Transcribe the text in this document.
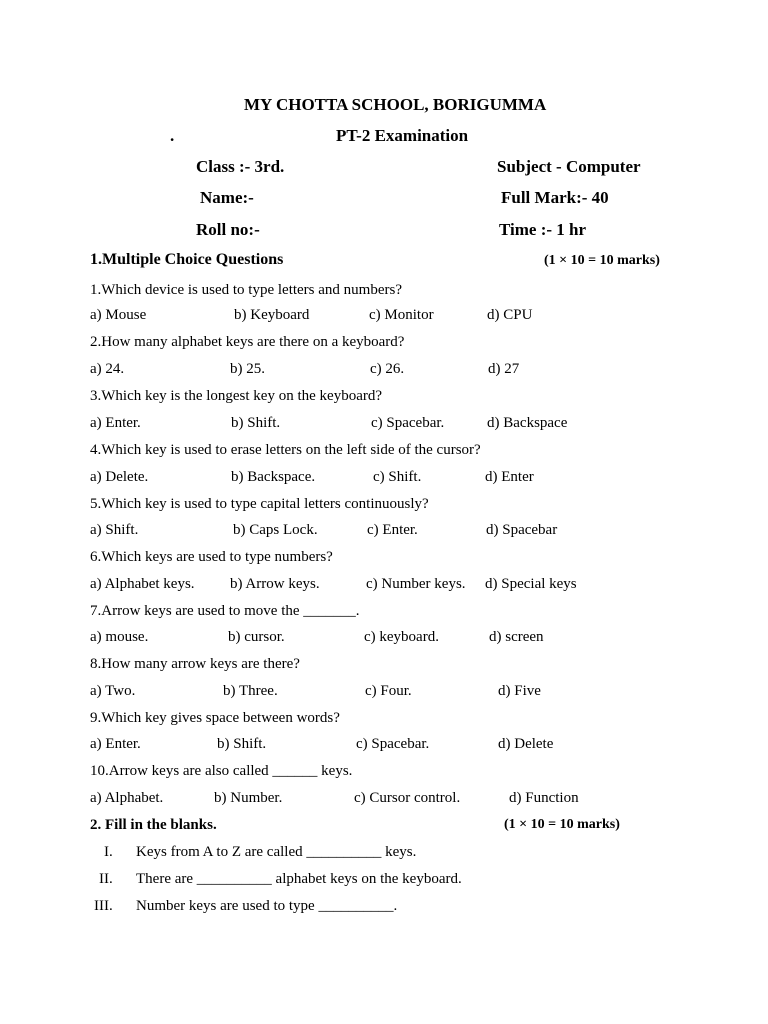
MY CHOTTA SCHOOL, BORIGUMMA
.	PT-2 Examination
Class :- 3rd.	Subject - Computer
Name:-	Full Mark:- 40
Roll no:-	Time :- 1 hr
1.Multiple Choice Questions	(1 × 10 = 10 marks)
1.Which device is used to type letters and numbers?
a) Mouse	b) Keyboard	c) Monitor	d) CPU
2.How many alphabet keys are there on a keyboard?
a) 24.	b) 25.	c) 26.	d) 27
3.Which key is the longest key on the keyboard?
a) Enter.	b) Shift.	c) Spacebar.	d) Backspace
4.Which key is used to erase letters on the left side of the cursor?
a) Delete.	b) Backspace.	c) Shift.	d) Enter
5.Which key is used to type capital letters continuously?
a) Shift.	b) Caps Lock.	c) Enter.	d) Spacebar
6.Which keys are used to type numbers?
a) Alphabet keys. b) Arrow keys.	c) Number keys. d) Special keys
7.Arrow keys are used to move the _______.
a) mouse.	b) cursor.	c) keyboard.	d) screen
8.How many arrow keys are there?
a) Two.	b) Three.	c) Four.	d) Five
9.Which key gives space between words?
a) Enter.	b) Shift.	c) Spacebar.	d) Delete
10.Arrow keys are also called ______ keys.
a) Alphabet.	b) Number.	c) Cursor control.	d) Function
2. Fill in the blanks.	(1 × 10 = 10 marks)
I. Keys from A to Z are called __________ keys.
II. There are __________ alphabet keys on the keyboard.
III. Number keys are used to type __________.
